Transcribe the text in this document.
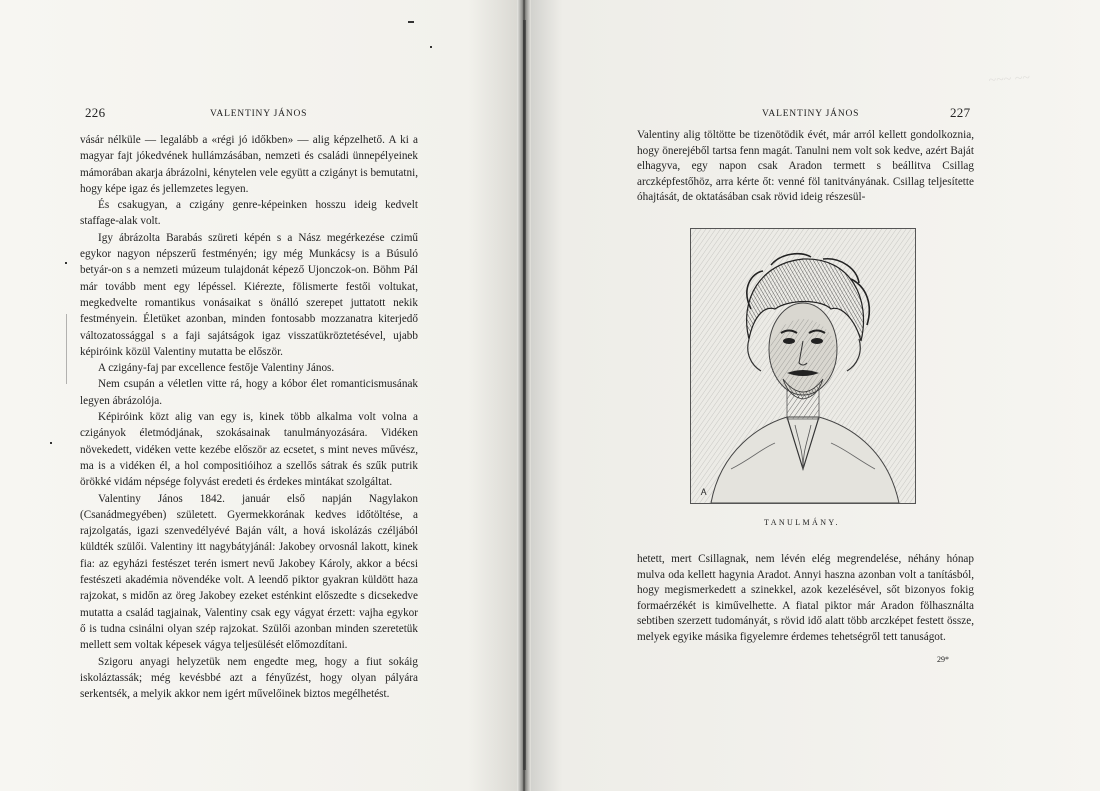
226	VALENTINY JÁNOS

vásár nélküle — legalább a «régi jó időkben» — alig képzelhető. A ki a magyar fajt jókedvének hullámzásában, nemzeti és családi ünnepélyeinek mámorában akarja ábrázolni, kénytelen vele együtt a czigányt is bemutatni, hogy képe igaz és jellemzetes legyen.

És csakugyan, a czigány genre-képeinken hosszu ideig kedvelt staffage-alak volt.

Igy ábrázolta Barabás szüreti képén s a Nász megérkezése czimű egykor nagyon népszerű festményén; igy még Munkácsy is a Búsuló betyár-on s a nemzeti múzeum tulajdonát képező Ujonczok-on. Böhm Pál már tovább ment egy lépéssel. Kiérezte, fölismerte festői voltukat, megkedvelte romantikus vonásaikat s önálló szerepet juttatott nekik festményein. Életüket azonban, minden fontosabb mozzanatra kiterjedő változatossággal s a faji sajátságok igaz visszatükröztetésével, ujabb képiróink közül Valentiny mutatta be először.

A czigány-faj par excellence festője Valentiny János.

Nem csupán a véletlen vitte rá, hogy a kóbor élet romanticismusának legyen ábrázolója.

Képiróink közt alig van egy is, kinek több alkalma volt volna a czigányok életmódjának, szokásainak tanulmányozására. Vidéken növekedett, vidéken vette kezébe először az ecsetet, s mint neves művész, ma is a vidéken él, a hol compositióihoz a szellős sátrak és szűk putrik örökké vidám népsége folyvást eredeti és érdekes mintákat szolgáltat.

Valentiny János 1842. január első napján Nagylakon (Csanádmegyében) született. Gyermekkorának kedves időtöltése, a rajzolgatás, igazi szenvedélyévé Baján vált, a hová iskolázás czéljából küldték szülői. Valentiny itt nagybátyjánál: Jakobey orvosnál lakott, kinek fia: az egyházi festészet terén ismert nevű Jakobey Károly, akkor a bécsi festészeti akadémia növendéke volt. A leendő piktor gyakran küldött haza rajzokat, s midőn az öreg Jakobey ezeket esténkint előszedte s dicsekedve mutatta a család tagjainak, Valentiny csak egy vágyat érzett: vajha egykor ő is tudna csinálni olyan szép rajzokat. Szülői azonban minden szeretetük mellett sem voltak képesek vágya teljesülését előmozdítani.

Szigoru anyagi helyzetük nem engedte meg, hogy a fiut sokáig iskoláztassák; még kevésbbé azt a fényűzést, hogy olyan pályára serkentsék, a melyik akkor nem igért művelőinek biztos megélhetést.

VALENTINY JÁNOS	227
~~~ ~~

Valentiny alig töltötte be tizenötödik évét, már arról kellett gondolkoznia, hogy önerejéből tartsa fenn magát. Tanulni nem volt sok kedve, azért Baját elhagyva, egy napon csak Aradon termett s beállitva Csillag arczképfestőhöz, arra kérte őt: venné föl tanitványának. Csillag teljesítette óhajtását, de oktatásában csak rövid ideig részesül-

Ꭺ
TANULMÁNY.

hetett, mert Csillagnak, nem lévén elég megrendelése, néhány hónap mulva oda kellett hagynia Aradot. Annyi haszna azonban volt a tanításból, hogy megismerkedett a szinekkel, azok kezelésével, sőt bizonyos fokig formaérzékét is kiművelhette. A fiatal piktor már Aradon fölhasználta sebtiben szerzett tudományát, s rövid idő alatt több arczképet festett össze, melyek egyike másika figyelemre érdemes tehetségről tett tanuságot.

29*
